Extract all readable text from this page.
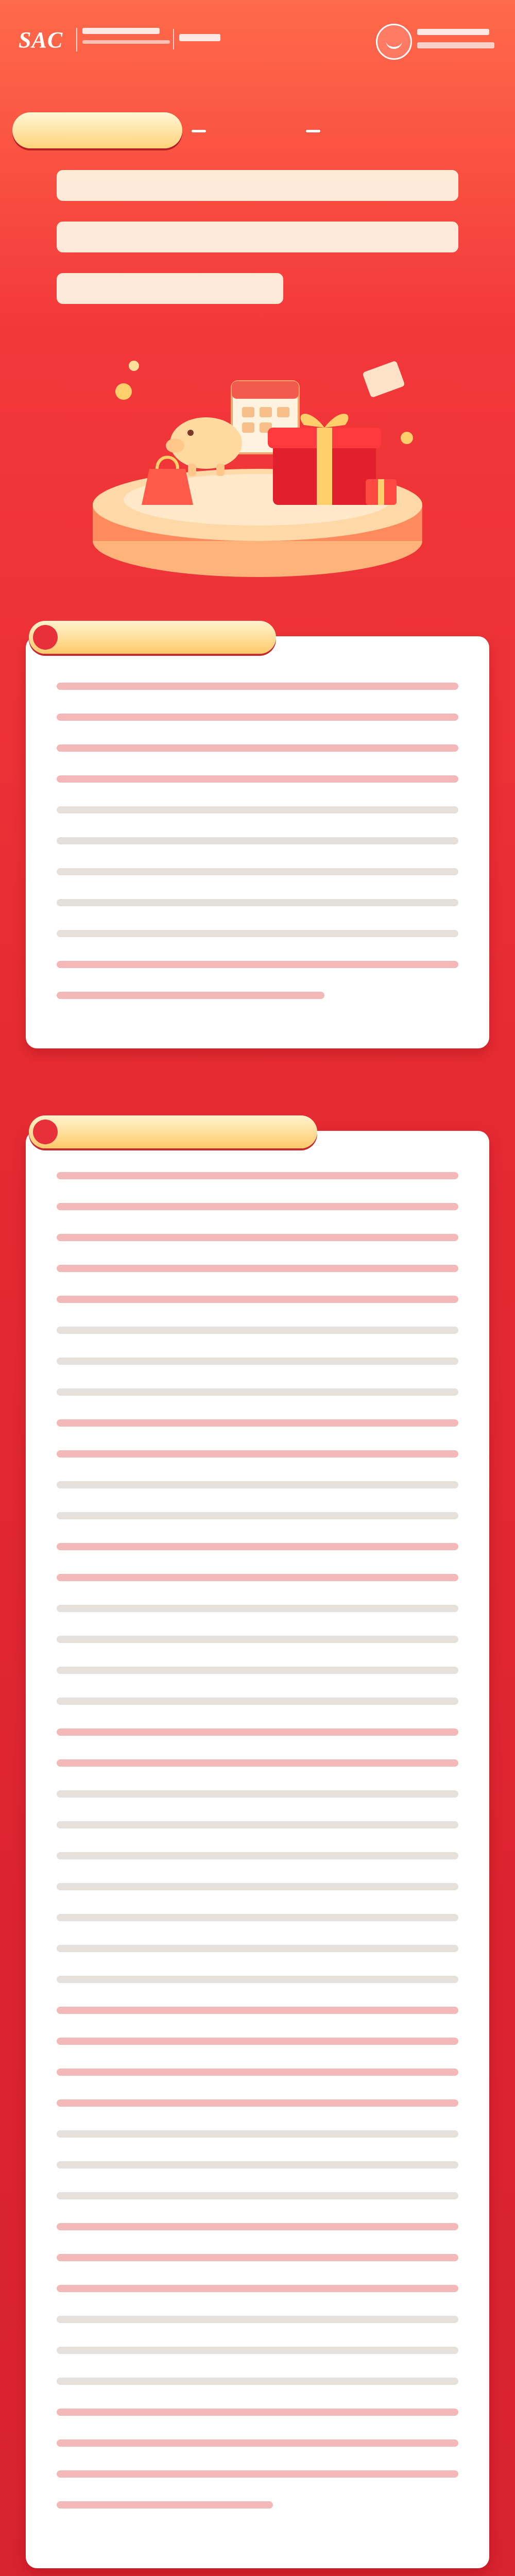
SAC
